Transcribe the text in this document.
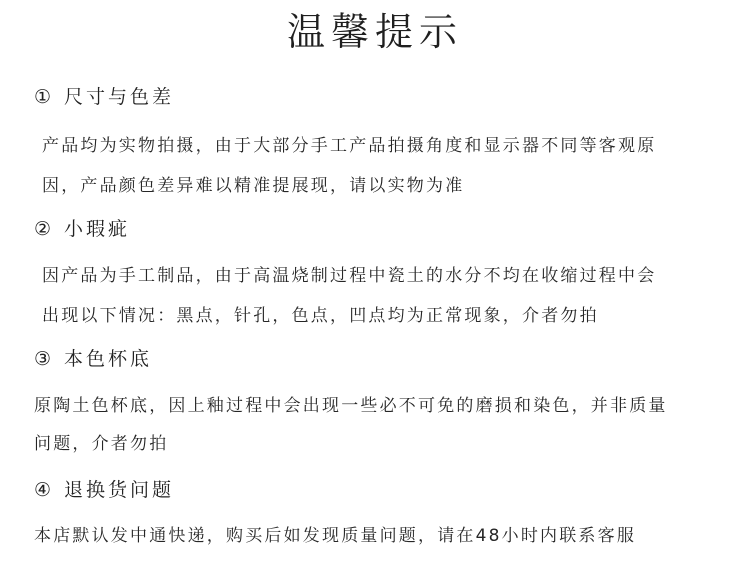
温馨提示
① 尺寸与色差
产品均为实物拍摄，由于大部分手工产品拍摄角度和显示器不同等客观原
因，产品颜色差异难以精准提展现，请以实物为准
② 小瑕疵
因产品为手工制品，由于高温烧制过程中瓷土的水分不均在收缩过程中会
出现以下情况：黑点，针孔，色点，凹点均为正常现象，介者勿拍
③ 本色杯底
原陶土色杯底，因上釉过程中会出现一些必不可免的磨损和染色，并非质量
问题，介者勿拍
④ 退换货问题
本店默认发中通快递，购买后如发现质量问题，请在48小时内联系客服
